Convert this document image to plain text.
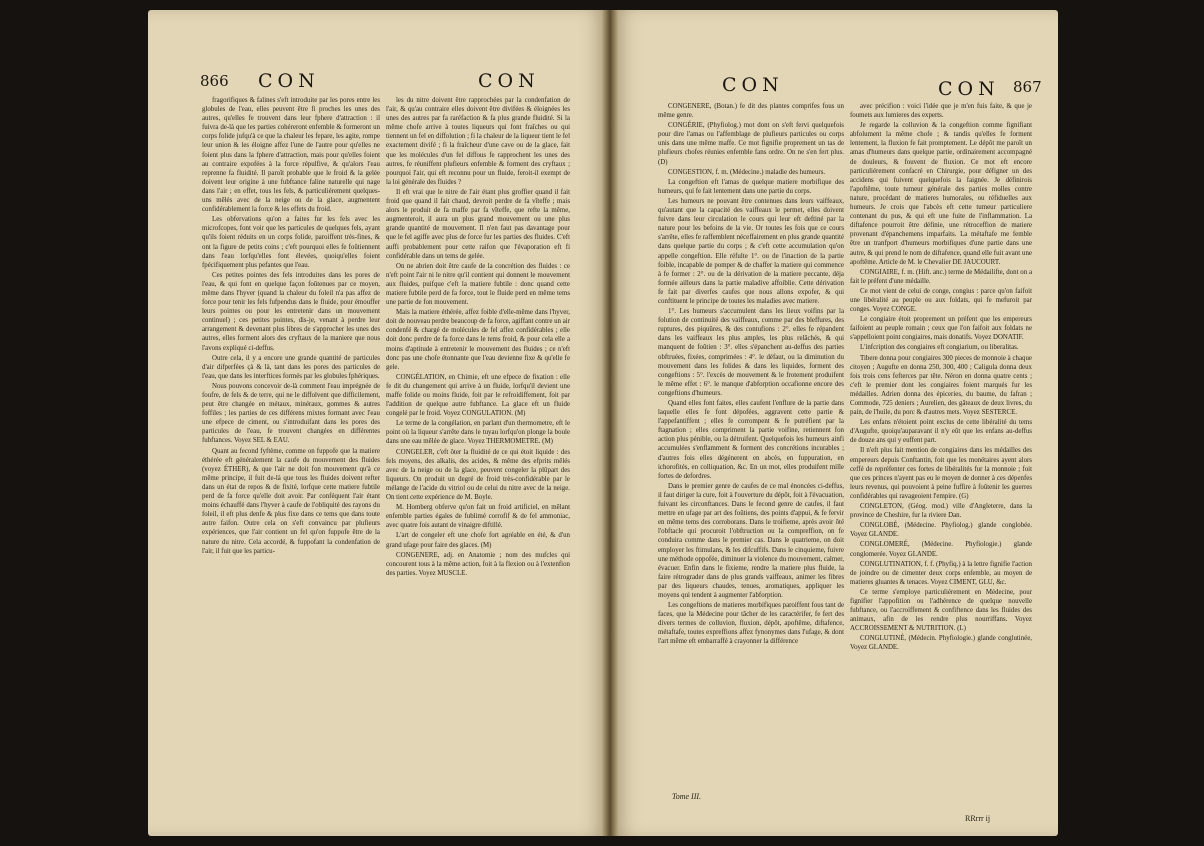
866 CON	CON

fragorifiques & falines s'eft introduite par les pores entre les globules de l'eau, elles peuvent être fi proches les unes des autres, qu'elles fe trouvent dans leur fphere d'attraction : il fuivra de-là que les parties cohéreront enfemble & formeront un corps folide jufqu'à ce que la chaleur les fepare, les agite, rompe leur union & les éloigne affez l'une de l'autre pour qu'elles ne foient plus dans la fphere d'attraction, mais pour qu'elles foient au contraire expofées à la force répulfive, & qu'alors l'eau reprenne fa fluidité. Il paroît probable que le froid & la gelée doivent leur origine à une fubftance faline naturelle qui nage dans l'air ; en effet, tous les fels, & particuliérement quelques-uns mêlés avec de la neige ou de la glace, augmentent confidérablement la force & les effets du froid.

Les obfervations qu'on a faites fur les fels avec les microfcopes, font voir que les particules de quelques fels, ayant qu'ils foient réduits en un corps folide, paroiffent très-fines, & ont la figure de petits coins ; c'eft pourquoi elles fe foûtiennent dans l'eau lorfqu'elles font élevées, quoiqu'elles foient fpécifiquement plus pefantes que l'eau.

Ces petites pointes des fels introduites dans les pores de l'eau, & qui font en quelque façon foûtenues par ce moyen, même dans l'hyver (quand la chaleur du foleil n'a pas affez de force pour tenir les fels fufpendus dans le fluide, pour émouffer leurs pointes ou pour les entretenir dans un mouvement continuel) ; ces petites pointes, dis-je, venant à perdre leur arrangement & devenant plus libres de s'approcher les unes des autres, elles forment alors des cryftaux de la maniere que nous l'avons expliqué ci-deffus.

Outre cela, il y a encore une grande quantité de particules d'air difperfées çà & là, tant dans les pores des particules de l'eau, que dans les interftices formés par les globules fphériques.

Nous pouvons concevoir de-là comment l'eau imprégnée de foufre, de fels & de terre, qui ne le diffolvent que difficilement, peut être changée en métaux, minéraux, gommes & autres foffiles ; les parties de ces différens mixtes formant avec l'eau une efpece de ciment, ou s'introduifant dans les pores des particules de l'eau, fe trouvent changées en différentes fubftances. Voyez SEL & EAU.

Quant au fecond fyftème, comme on fuppofe que la matiere éthérée eft généralement la caufe du mouvement des fluides (voyez ÉTHER), & que l'air ne doit fon mouvement qu'à ce même principe, il fuit de-là que tous les fluides doivent refter dans un état de repos & de fixité, lorfque cette matiere fubtile perd de fa force qu'elle doit avoir. Par conféquent l'air étant moins échauffé dans l'hyver à caufe de l'obliquité des rayons du foleil, il eft plus denfe & plus fixe dans ce tems que dans toute autre faifon. Outre cela on s'eft convaincu par plufieurs expériences, que l'air contient un fel qu'on fuppofe être de la nature du nitre. Cela accordé, & fuppofant la condenfation de l'air, il fuit que les particu-

les du nitre doivent être rapprochées par la condenfation de l'air, & qu'au contraire elles doivent être divifées & éloignées les unes des autres par fa raréfaction & fa plus grande fluidité. Si la même chofe arrive à toutes liqueurs qui font fraîches ou qui tiennent un fel en diffolution ; fi la chaleur de la liqueur tient le fel exactement divifé ; fi la fraîcheur d'une cave ou de la glace, fait que les molécules d'un fel diffous fe rapprochent les unes des autres, fe réuniffent plufieurs enfemble & forment des cryftaux ; pourquoi l'air, qui eft reconnu pour un fluide, feroit-il exempt de la loi générale des fluides ?

Il eft vrai que le nitre de l'air étant plus groffier quand il fait froid que quand il fait chaud, devroit perdre de fa vîteffe ; mais alors le produit de fa maffe par fa vîteffe, que refte la même, augmenteroit, il aura un plus grand mouvement ou une plus grande quantité de mouvement. Il n'en faut pas davantage pour que le fel agiffe avec plus de force fur les parties des fluides. C'eft auffi probablement pour cette raifon que l'évaporation eft fi confidérable dans un tems de gelée.

On ne abrien doit être caufe de la concrétion des fluides : ce n'eft point l'air ni le nitre qu'il contient qui donnent le mouvement aux fluides, puifque c'eft la matiere fubtile : donc quand cette matiere fubtile perd de fa force, tout le fluide perd en même tems une partie de fon mouvement.

Mais la matiere éthérée, affez foible d'elle-même dans l'hyver, doit de nouveau perdre beaucoup de fa force, agiffant contre un air condenfé & chargé de molécules de fel affez confidérables ; elle doit donc perdre de fa force dans le tems froid, & pour cela elle a moins d'aptitude à entretenir le mouvement des fluides ; ce n'eft donc pas une chofe étonnante que l'eau devienne fixe & qu'elle fe gele.

CONGÉLATION, en Chimie, eft une efpece de fixation : elle fe dit du changement qui arrive à un fluide, lorfqu'il devient une maffe folide ou moins fluide, foit par le refroidiffement, foit par l'addition de quelque autre fubftance. La glace eft un fluide congelé par le froid. Voyez CONGULATION. (M)

Le terme de la congélation, en parlant d'un thermometre, eft le point où la liqueur s'arrête dans le tuyau lorfqu'on plonge la boule dans une eau mêlée de glace. Voyez THERMOMETRE. (M)

CONGELER, c'eft ôter la fluidité de ce qui étoit liquide : des fels moyens, des alkalis, des acides, & même des efprits mêlés avec de la neige ou de la glace, peuvent congeler la plûpart des liqueurs. On produit un degré de froid très-confidérable par le mélange de l'acide du vitriol ou de celui du nitre avec de la neige. On tient cette expérience de M. Boyle.

M. Homberg obferve qu'on fait un froid artificiel, en mêlant enfemble parties égales de fublimé corrofif & de fel ammoniac, avec quatre fois autant de vinaigre diftillé.

L'art de congeler eft une chofe fort agréable en été, & d'un grand ufage pour faire des glaces. (M)

CONGENERE, adj. en Anatomie ; nom des mufcles qui concourent tous à la même action, foit à la flexion ou à l'extenfion des parties. Voyez MUSCLE.

CON	CON 867

CONGENERE, (Botan.) fe dit des plantes comprifes fous un même genre.

CONGÉRIE, (Phyfiolog.) mot dont on s'eft fervi quelquefois pour dire l'amas ou l'affemblage de plufieurs particules ou corps unis dans une même maffe. Ce mot fignifie proprement un tas de plufieurs chofes réunies enfemble fans ordre. On ne s'en fert plus. (D)

CONGESTION, f. m. (Médecine.) maladie des humeurs.

La congeftion eft l'amas de quelque matiere morbifique des humeurs, qui fe fait lentement dans une partie du corps.

Les humeurs ne pouvant être contenues dans leurs vaiffeaux, qu'autant que la capacité des vaiffeaux le permet, elles doivent fuivre dans leur circulation le cours qui leur eft deftiné par la nature pour les befoins de la vie. Or toutes les fois que ce cours s'arrête, elles fe raffemblent néceffairement en plus grande quantité dans quelque partie du corps ; & c'eft cette accumulation qu'on appelle congeftion. Elle réfulte 1°. ou de l'inaction de la partie foible, incapable de pomper & de chaffer la matiere qui commence à fe former : 2°. ou de la dérivation de la matiere peccante, déja formée ailleurs dans la partie maladive affoiblie. Cette dérivation fe fait par diverfes caufes que nous allons expofer, & qui conftituent le principe de toutes les maladies avec matiere.

1°. Les humeurs s'accumulent dans les lieux voifins par la folution de continuité des vaiffeaux, comme par des bleffures, des ruptures, des piquûres, & des contufions : 2°. elles fe répandent dans les vaiffeaux les plus amples, les plus relâchés, & qui manquent de foûtien : 3°. elles s'épanchent au-deffus des parties obftruées, fixées, comprimées : 4°. le défaut, ou la diminution du mouvement dans les folides & dans les liquides, forment des congeftions : 5°. l'excès de mouvement & le frotement produifent le même effet : 6°. le manque d'abforption occafionne encore des congeftions d'humeurs.

Quand elles font faites, elles caufent l'enflure de la partie dans laquelle elles fe font dépofées, aggravent cette partie & l'appefantiffent ; elles fe corrompent & fe putréfient par la ftagnation ; elles compriment la partie voifine, retiennent fon action plus pénible, ou la détruifent. Quelquefois les humeurs ainfi accumulées s'enflamment & forment des concrétions incurables ; d'autres fois elles dégénerent en abcès, en fuppuration, en ichorofités, en colliquation, &c. En un mot, elles produifent mille fortes de defordres.

Dans le premier genre de caufes de ce mal énoncées ci-deffus, il faut diriger la cure, foit à l'ouverture du dépôt, foit à l'évacuation, fuivant les circonftances. Dans le fecond genre de caufes, il faut mettre en ufage par art des foûtiens, des points d'appui, & fe fervir en même tems des corroborans. Dans le troifieme, après avoir ôté l'obftacle qui procuroit l'obftruction ou la compreffion, on fe conduira comme dans le premier cas. Dans le quatrieme, on doit employer les ftimulans, & les difcuffifs. Dans le cinquieme, fuivre une méthode oppofée, diminuer la violence du mouvement, calmer, évacuer. Enfin dans le fixieme, rendre la matiere plus fluide, la faire rétrograder dans de plus grands vaiffeaux, animer les fibres par des liqueurs chaudes, tenues, aromatiques, appliquer les moyens qui tendent à augmenter l'abforption.

Les congeftions de matieres morbifiques paroiffent fous tant de faces, que la Médecine pour tâcher de les caractérifer, fe fert des divers termes de colluvion, fluxion, dépôt, apoftême, diftafence, métaftafe, toutes expreffions affez fynonymes dans l'ufage, & dont l'art même eft embarraffé à crayonner la différence

avec précifion : voici l'idée que je m'en fuis faite, & que je foumets aux lumieres des experts.

Je regarde la colluvion & la congeftion comme fignifiant abfolument la même chofe ; & tandis qu'elles fe forment lentement, la fluxion fe fait promptement. Le dépôt me paroît un amas d'humeurs dans quelque partie, ordinairement accompagné de douleurs, & fouvent de fluxion. Ce mot eft encore particuliérement confacré en Chirurgie, pour défigner un des accidens qui fuivent quelquefois la faignée. Je définirois l'apoftême, toute tumeur générale des parties molles contre nature, procédant de matieres humorales, ou réfiduelles aux humeurs. Je crois que l'abcès eft cette tumeur particuliere contenant du pus, & qui eft une fuite de l'inflammation. La diftafence pourroit être définie, une rétroceffion de matiere provenant d'épanchemens imparfaits. La métaftafe me femble être un tranfport d'humeurs morbifiques d'une partie dans une autre, & qui prend le nom de diftafence, quand elle fuit avant une apoftême. Article de M. le Chevalier DE JAUCOURT.

CONGIAIRE, f. m. (Hift. anc.) terme de Médailifte, dont on a fait le préfent d'une médaille.

Ce mot vient de celui de conge, congius : parce qu'on faifoit une libéralité au peuple ou aux foldats, qui fe mefuroit par conges. Voyez CONGE.

Le congiaire étoit proprement un préfent que les empereurs faifoient au peuple romain ; ceux que l'on faifoit aux foldats ne s'appelloient point congiaires, mais donatifs. Voyez DONATIF.

L'infcription des congiaires eft congiarium, ou liberalitas.

Tibere donna pour congiaires 300 pieces de monnoie à chaque citoyen ; Augufte en donna 250, 300, 400 ; Caligula donna deux fois trois cens fefterces par tête. Néron en donna quatre cents ; c'eft le premier dont les congiaires foient marqués fur les médailles. Adrien donna des épiceries, du baume, du fafran ; Commode, 725 deniers ; Aurelien, des gâteaux de deux livres, du pain, de l'huile, du porc & d'autres mets. Voyez SESTERCE.

Les enfans n'étoient point exclus de cette libéralité du tems d'Augufte, quoiqu'auparavant il n'y eût que les enfans au-deffus de douze ans qui y euffent part.

Il n'eft plus fait mention de congiaires dans les médailles des empereurs depuis Conftantin, foit que les monétaires ayent alors ceffé de repréfenter ces fortes de libéralités fur la monnoie ; foit que ces princes n'ayent pas eu le moyen de donner à ces dépenfes leurs revenus, qui pouvoient à peine fuffire à foûtenir les guerres confidérables qui ravageoient l'empire. (G)

CONGLETON, (Géog. mod.) ville d'Angleterre, dans la province de Cheshire, fur la riviere Dan.

CONGLOBÉ, (Médecine. Phyfiolog.) glande conglobée. Voyez GLANDE.

CONGLOMERÉ, (Médecine. Phyfiologie.) glande conglomerée. Voyez GLANDE.

CONGLUTINATION, f. f. (Phyfiq.) à la lettre fignifie l'action de joindre ou de cimenter deux corps enfemble, au moyen de matieres gluantes & tenaces. Voyez CIMENT, GLU, &c.

Ce terme s'employe particuliérement en Médecine, pour fignifier l'appofition ou l'adhérence de quelque nouvelle fubftance, ou l'accroiffement & confiftence dans les fluides des animaux, afin de les rendre plus nourriffans. Voyez ACCROISSEMENT & NUTRITION. (L)

CONGLUTINÉ, (Médecin. Phyfiologie.) glande conglutinée, Voyez GLANDE.

Tome III.
RRrrr ij
